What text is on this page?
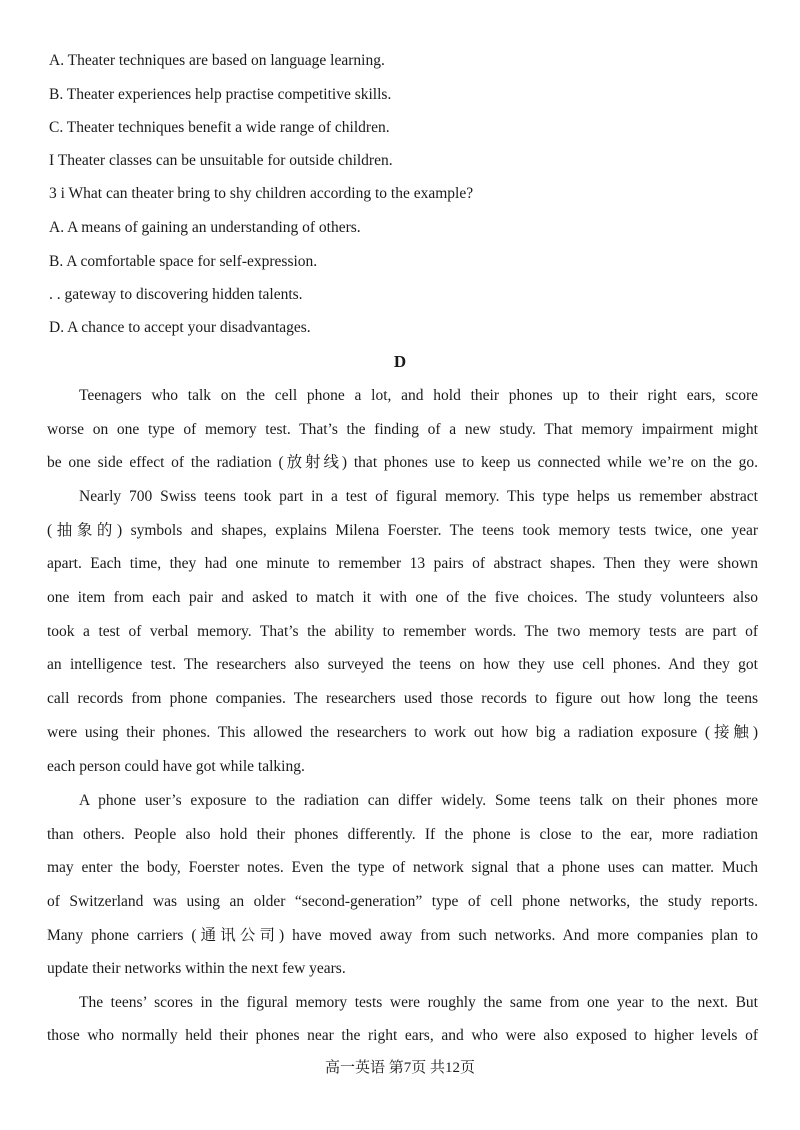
A. Theater techniques are based on language learning.
B. Theater experiences help practise competitive skills.
C. Theater techniques benefit a wide range of children.
I Theater classes can be unsuitable for outside children.
3 i What can theater bring to shy children according to the example?
A. A means of gaining an understanding of others.
B. A comfortable space for self-expression.
. . gateway to discovering hidden talents.
D. A chance to accept your disadvantages.
D
Teenagers who talk on the cell phone a lot, and hold their phones up to their right ears, score
worse on one type of memory test. That’s the finding of a new study. That memory impairment might
be one side effect of the radiation (放射线) that phones use to keep us connected while we’re on the go.
Nearly 700 Swiss teens took part in a test of figural memory. This type helps us remember abstract
(抽象的) symbols and shapes, explains Milena Foerster. The teens took memory tests twice, one year
apart. Each time, they had one minute to remember 13 pairs of abstract shapes. Then they were shown
one item from each pair and asked to match it with one of the five choices. The study volunteers also
took a test of verbal memory. That’s the ability to remember words. The two memory tests are part of
an intelligence test. The researchers also surveyed the teens on how they use cell phones. And they got
call records from phone companies. The researchers used those records to figure out how long the teens
were using their phones. This allowed the researchers to work out how big a radiation exposure (接触)
each person could have got while talking.
A phone user’s exposure to the radiation can differ widely. Some teens talk on their phones more
than others. People also hold their phones differently. If the phone is close to the ear, more radiation
may enter the body, Foerster notes. Even the type of network signal that a phone uses can matter. Much
of Switzerland was using an older “second-generation” type of cell phone networks, the study reports.
Many phone carriers (通讯公司) have moved away from such networks. And more companies plan to
update their networks within the next few years.
The teens’ scores in the figural memory tests were roughly the same from one year to the next. But
those who normally held their phones near the right ears, and who were also exposed to higher levels of
高一英语 第7页 共12页
